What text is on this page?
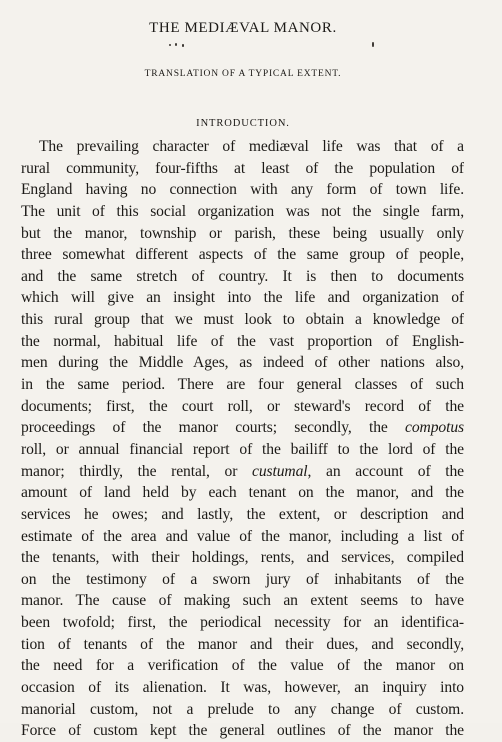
THE MEDIÆVAL MANOR.
TRANSLATION OF A TYPICAL EXTENT.
INTRODUCTION.
The prevailing character of mediæval life was that of a
rural community, four-fifths at least of the population of
England having no connection with any form of town life.
The unit of this social organization was not the single farm,
but the manor, township or parish, these being usually only
three somewhat different aspects of the same group of people,
and the same stretch of country. It is then to documents
which will give an insight into the life and organization of
this rural group that we must look to obtain a knowledge of
the normal, habitual life of the vast proportion of English-
men during the Middle Ages, as indeed of other nations also,
in the same period. There are four general classes of such
documents; first, the court roll, or steward's record of the
proceedings of the manor courts; secondly, the compotus
roll, or annual financial report of the bailiff to the lord of the
manor; thirdly, the rental, or custumal, an account of the
amount of land held by each tenant on the manor, and the
services he owes; and lastly, the extent, or description and
estimate of the area and value of the manor, including a list of
the tenants, with their holdings, rents, and services, compiled
on the testimony of a sworn jury of inhabitants of the
manor. The cause of making such an extent seems to have
been twofold; first, the periodical necessity for an identifica-
tion of tenants of the manor and their dues, and secondly,
the need for a verification of the value of the manor on
occasion of its alienation. It was, however, an inquiry into
manorial custom, not a prelude to any change of custom.
Force of custom kept the general outlines of the manor the
